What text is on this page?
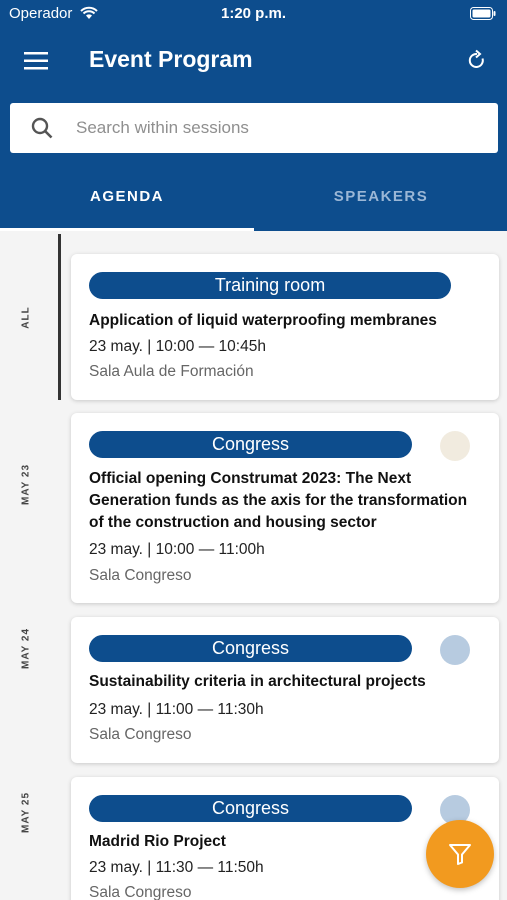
Operador	1:20 p.m.
Event Program
Search within sessions
AGENDA	SPEAKERS
ALL
MAY 23
MAY 24
MAY 25
Training room
Application of liquid waterproofing membranes
23 may. | 10:00 — 10:45h
Sala Aula de Formación
Congress
Official opening Construmat 2023: The Next Generation funds as the axis for the transformation of the construction and housing sector
23 may. | 10:00 — 11:00h
Sala Congreso
Congress
Sustainability criteria in architectural projects
23 may. | 11:00 — 11:30h
Sala Congreso
Congress
Madrid Rio Project
23 may. | 11:30 — 11:50h
Sala Congreso
